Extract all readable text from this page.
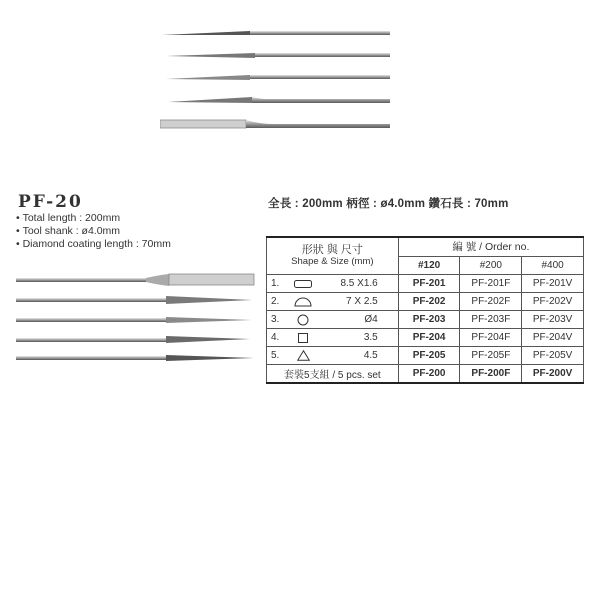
PF-20
• Total length : 200mm
• Tool shank : ø4.0mm
• Diamond coating length : 70mm
全長 : 200mm 柄徑 : ø4.0mm 鑽石長 : 70mm
形狀 與 尺寸
Shape & Size (mm)	編 號 / Order no.		
	#120	#200	#400

1. 8.5 X1.6	PF-201	PF-201F	PF-201V

2. 7 X 2.5	PF-202	PF-202F	PF-202V

3. Ø4	PF-203	PF-203F	PF-203V

4. 3.5	PF-204	PF-204F	PF-204V

5. 4.5	PF-205	PF-205F	PF-205V
套裝5支組 / 5 pcs. set	PF-200	PF-200F	PF-200V
